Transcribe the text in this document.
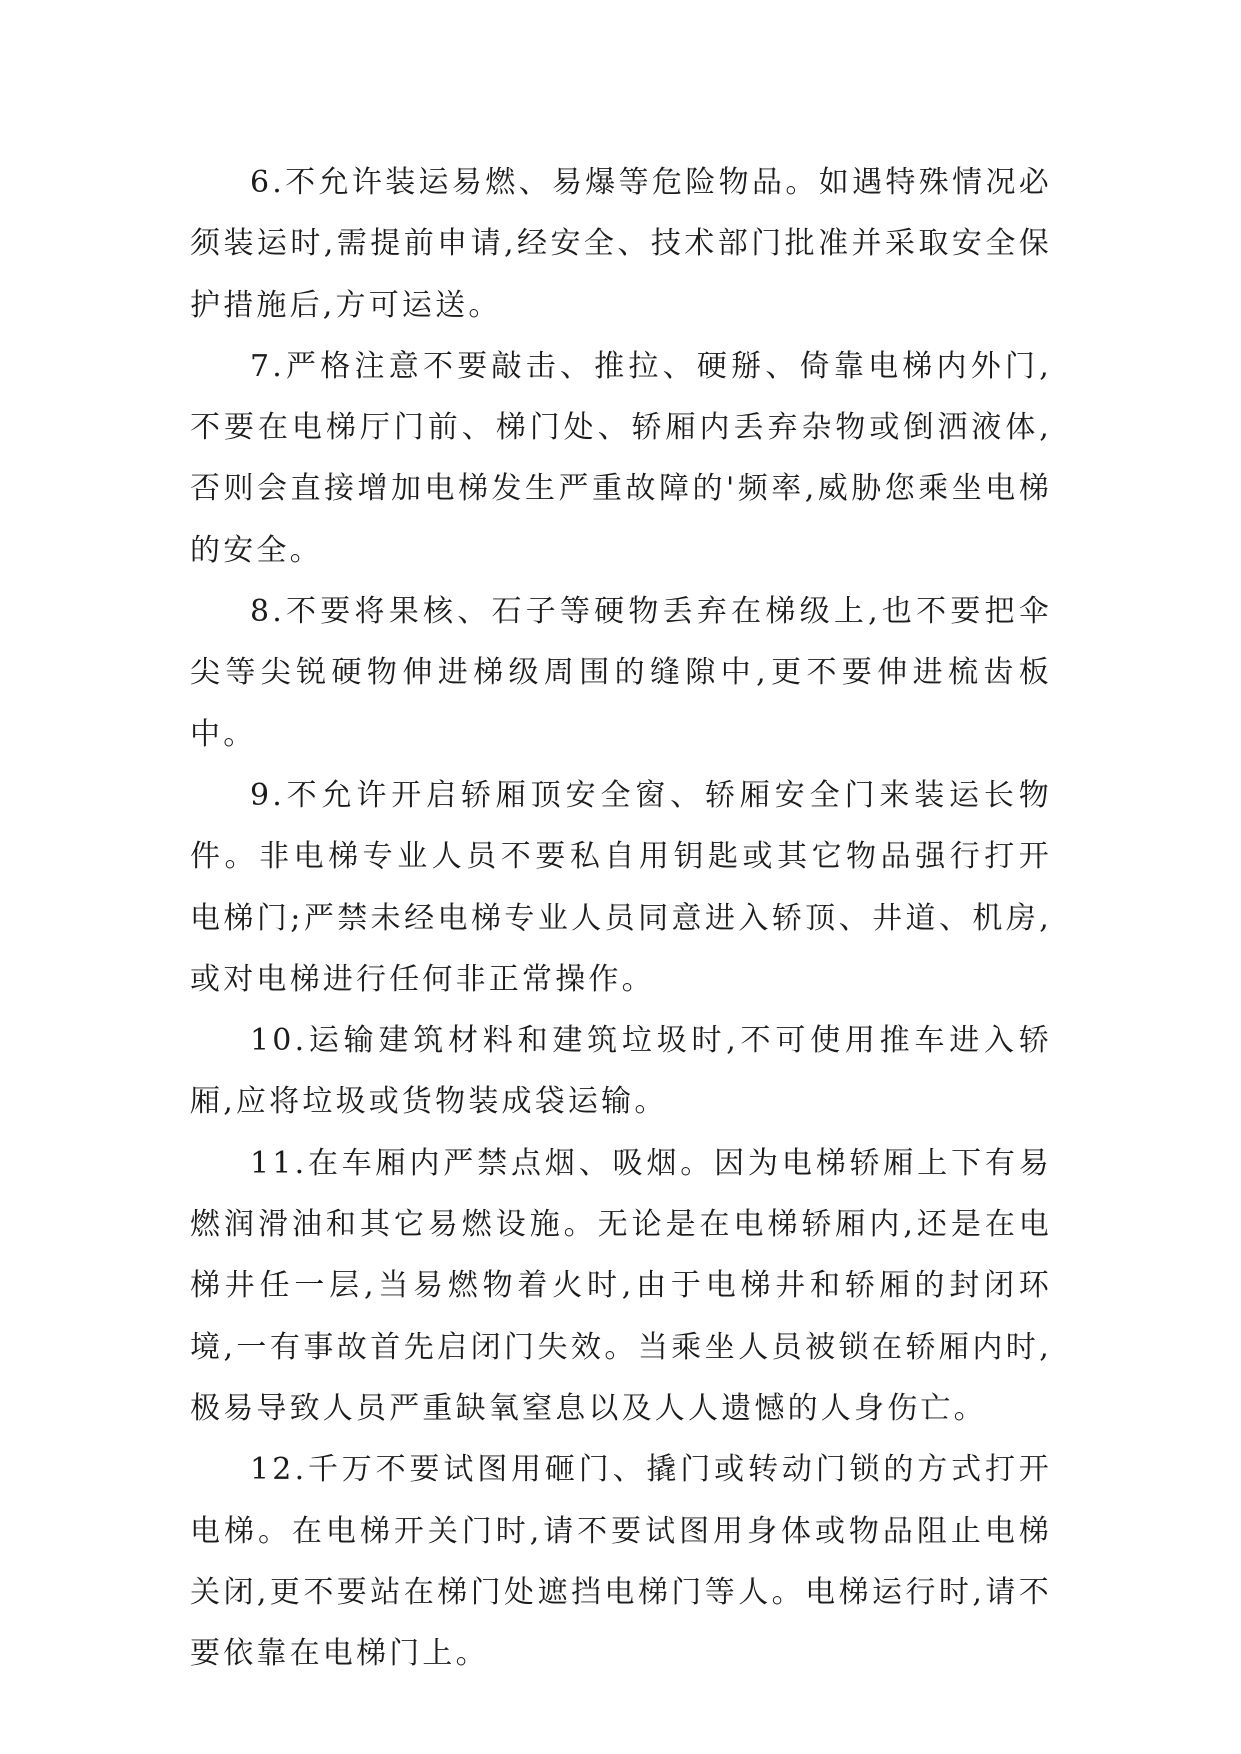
6.不允许装运易燃、易爆等危险物品。如遇特殊情况必须装运时,需提前申请,经安全、技术部门批准并采取安全保护措施后,方可运送。

7.严格注意不要敲击、推拉、硬掰、倚靠电梯内外门,不要在电梯厅门前、梯门处、轿厢内丢弃杂物或倒洒液体,否则会直接增加电梯发生严重故障的'频率,威胁您乘坐电梯的安全。

8.不要将果核、石子等硬物丢弃在梯级上,也不要把伞尖等尖锐硬物伸进梯级周围的缝隙中,更不要伸进梳齿板中。

9.不允许开启轿厢顶安全窗、轿厢安全门来装运长物件。非电梯专业人员不要私自用钥匙或其它物品强行打开电梯门;严禁未经电梯专业人员同意进入轿顶、井道、机房,或对电梯进行任何非正常操作。

10.运输建筑材料和建筑垃圾时,不可使用推车进入轿厢,应将垃圾或货物装成袋运输。

11.在车厢内严禁点烟、吸烟。因为电梯轿厢上下有易燃润滑油和其它易燃设施。无论是在电梯轿厢内,还是在电梯井任一层,当易燃物着火时,由于电梯井和轿厢的封闭环境,一有事故首先启闭门失效。当乘坐人员被锁在轿厢内时,极易导致人员严重缺氧窒息以及人人遗憾的人身伤亡。

12.千万不要试图用砸门、撬门或转动门锁的方式打开电梯。在电梯开关门时,请不要试图用身体或物品阻止电梯关闭,更不要站在梯门处遮挡电梯门等人。电梯运行时,请不要依靠在电梯门上。
